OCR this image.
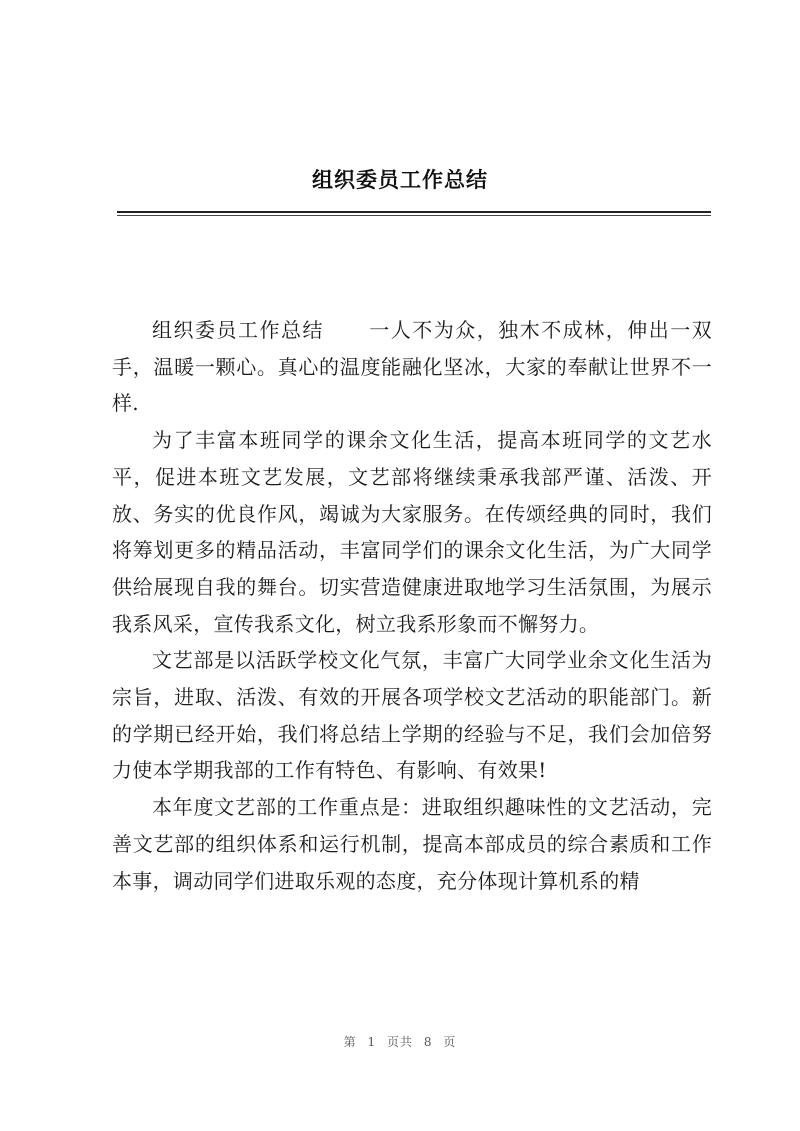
组织委员工作总结

组织委员工作总结 一人不为众，独木不成林，伸出一双手，温暖一颗心。真心的温度能融化坚冰，大家的奉献让世界不一样.

为了丰富本班同学的课余文化生活，提高本班同学的文艺水平，促进本班文艺发展，文艺部将继续秉承我部严谨、活泼、开放、务实的优良作风，竭诚为大家服务。在传颂经典的同时，我们将筹划更多的精品活动，丰富同学们的课余文化生活，为广大同学供给展现自我的舞台。切实营造健康进取地学习生活氛围，为展示我系风采，宣传我系文化，树立我系形象而不懈努力。

文艺部是以活跃学校文化气氛，丰富广大同学业余文化生活为宗旨，进取、活泼、有效的开展各项学校文艺活动的职能部门。新的学期已经开始，我们将总结上学期的经验与不足，我们会加倍努力使本学期我部的工作有特色、有影响、有效果!

本年度文艺部的工作重点是：进取组织趣味性的文艺活动，完善文艺部的组织体系和运行机制，提高本部成员的综合素质和工作本事，调动同学们进取乐观的态度，充分体现计算机系的精

第 1 页共 8 页
